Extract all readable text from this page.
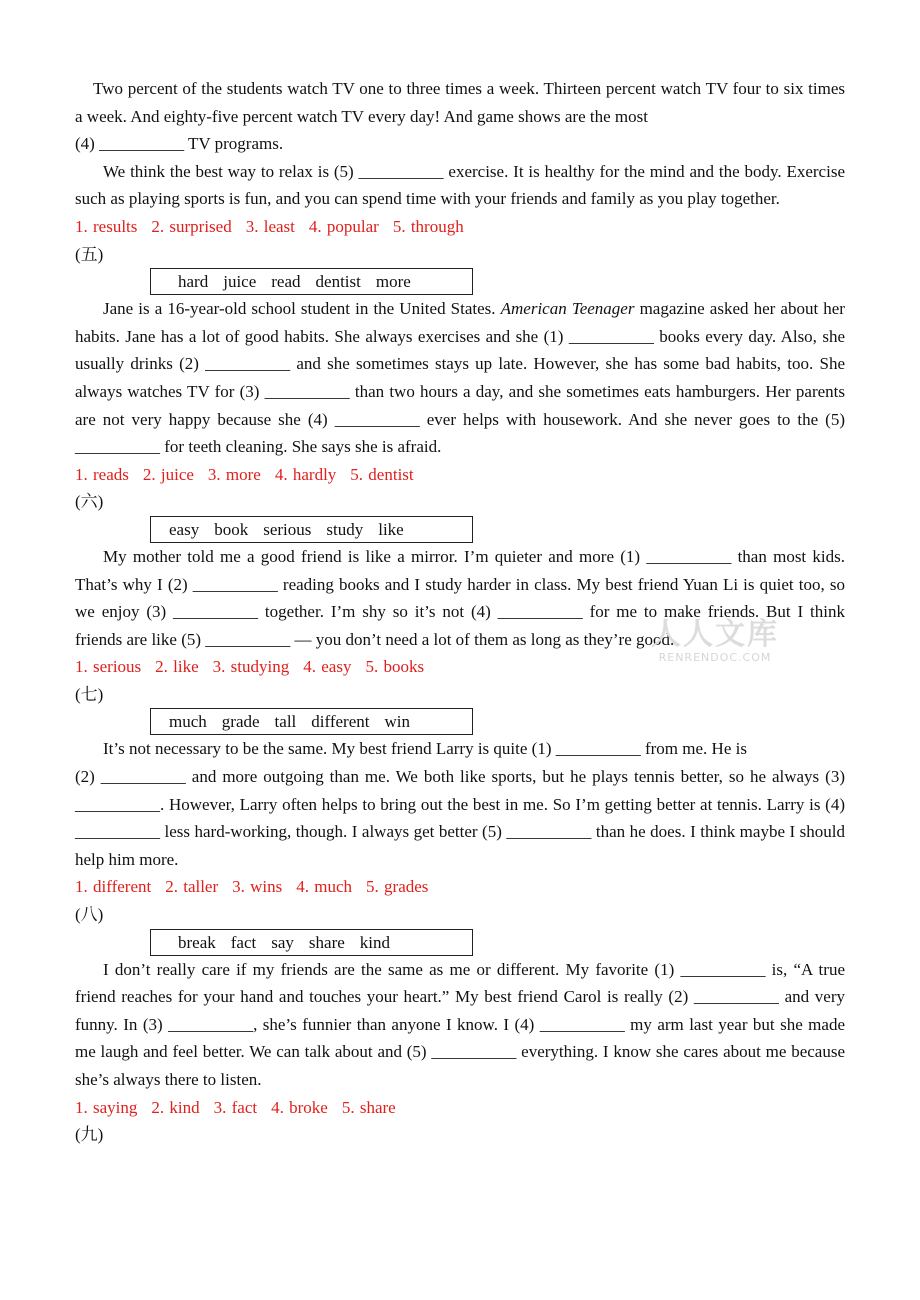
Two percent of the students watch TV one to three times a week. Thirteen percent watch TV four to six times a week. And eighty-five percent watch TV every day! And game shows are the most
(4) __________ TV programs.

We think the best way to relax is (5) __________ exercise. It is healthy for the mind and the body. Exercise such as playing sports is fun, and you can spend time with your friends and family as you play together.

1. results 2. surprised 3. least 4. popular 5. through

(五)

hard juice read dentist more

Jane is a 16-year-old school student in the United States. American Teenager magazine asked her about her habits. Jane has a lot of good habits. She always exercises and she (1) __________ books every day. Also, she usually drinks (2) __________ and she sometimes stays up late. However, she has some bad habits, too. She always watches TV for (3) __________ than two hours a day, and she sometimes eats hamburgers. Her parents are not very happy because she (4) __________ ever helps with housework. And she never goes to the (5) __________ for teeth cleaning. She says she is afraid.

1. reads 2. juice 3. more 4. hardly 5. dentist

(六)

easy book serious study like

My mother told me a good friend is like a mirror. I’m quieter and more (1) __________ than most kids. That’s why I (2) __________ reading books and I study harder in class. My best friend Yuan Li is quiet too, so we enjoy (3) __________ together. I’m shy so it’s not (4) __________ for me to make friends. But I think friends are like (5) __________ — you don’t need a lot of them as long as they’re good.

1. serious 2. like 3. studying 4. easy 5. books

(七)

much grade tall different win

It’s not necessary to be the same. My best friend Larry is quite (1) __________ from me. He is

(2) __________ and more outgoing than me. We both like sports, but he plays tennis better, so he always (3) __________. However, Larry often helps to bring out the best in me. So I’m getting better at tennis. Larry is (4) __________ less hard-working, though. I always get better (5) __________ than he does. I think maybe I should help him more.

1. different 2. taller 3. wins 4. much 5. grades

(八)

break fact say share kind

I don’t really care if my friends are the same as me or different. My favorite (1) __________ is, “A true friend reaches for your hand and touches your heart.” My best friend Carol is really (2) __________ and very funny. In (3) __________, she’s funnier than anyone I know. I (4) __________ my arm last year but she made me laugh and feel better. We can talk about and (5) __________ everything. I know she cares about me because she’s always there to listen.

1. saying 2. kind 3. fact 4. broke 5. share

(九)

人人文库
RENRENDOC.COM
